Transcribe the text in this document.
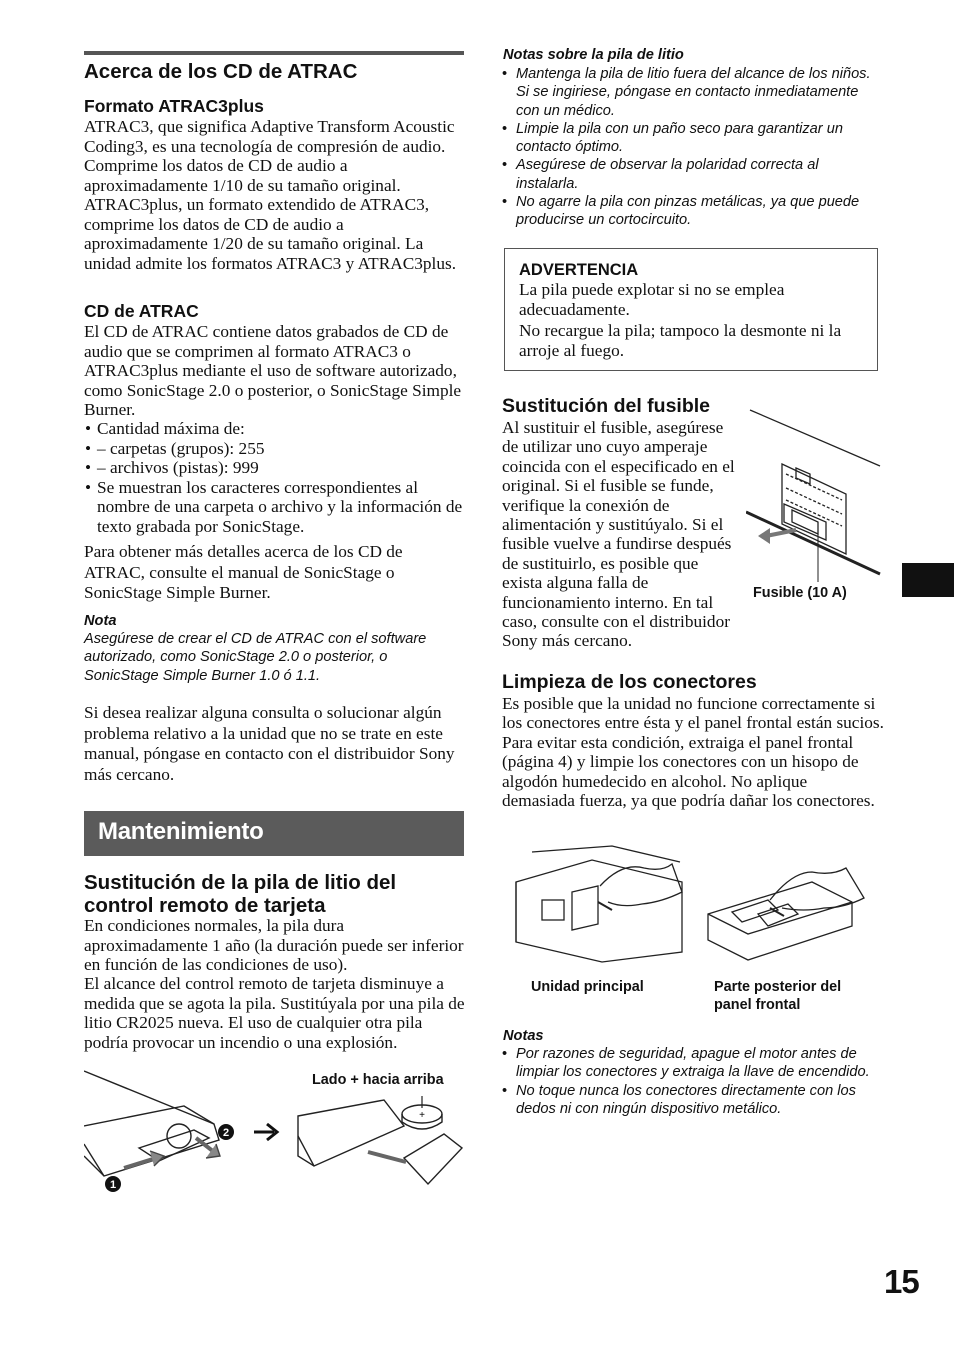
Acerca de los CD de ATRAC
Formato ATRAC3plus

ATRAC3, que significa Adaptive Transform Acoustic Coding3, es una tecnología de compresión de audio. Comprime los datos de CD de audio a aproximadamente 1/10 de su tamaño original. ATRAC3plus, un formato extendido de ATRAC3, comprime los datos de CD de audio a aproximadamente 1/20 de su tamaño original. La unidad admite los formatos ATRAC3 y ATRAC3plus.

CD de ATRAC

El CD de ATRAC contiene datos grabados de CD de audio que se comprimen al formato ATRAC3 o ATRAC3plus mediante el uso de software autorizado, como SonicStage 2.0 o posterior, o SonicStage Simple Burner.

• Cantidad máxima de:
• – carpetas (grupos): 255
• – archivos (pistas): 999
• Se muestran los caracteres correspondientes al nombre de una carpeta o archivo y la información de texto grabada por SonicStage.

Para obtener más detalles acerca de los CD de ATRAC, consulte el manual de SonicStage o SonicStage Simple Burner.

Nota

Asegúrese de crear el CD de ATRAC con el software autorizado, como SonicStage 2.0 o posterior, o SonicStage Simple Burner 1.0 ó 1.1.

Si desea realizar alguna consulta o solucionar algún problema relativo a la unidad que no se trate en este manual, póngase en contacto con el distribuidor Sony más cercano.

Mantenimiento
Sustitución de la pila de litio del control remoto de tarjeta

En condiciones normales, la pila dura aproximadamente 1 año (la duración puede ser inferior en función de las condiciones de uso).

El alcance del control remoto de tarjeta disminuye a medida que se agota la pila. Sustitúyala por una pila de litio CR2025 nueva. El uso de cualquier otra pila podría provocar un incendio o una explosión.

Lado + hacia arriba
1
2
+
Notas sobre la pila de litio
• Mantenga la pila de litio fuera del alcance de los niños. Si se ingiriese, póngase en contacto inmediatamente con un médico.
• Limpie la pila con un paño seco para garantizar un contacto óptimo.
• Asegúrese de observar la polaridad correcta al instalarla.
• No agarre la pila con pinzas metálicas, ya que puede producirse un cortocircuito.
ADVERTENCIA

La pila puede explotar si no se emplea adecuadamente.

No recargue la pila; tampoco la desmonte ni la arroje al fuego.

Sustitución del fusible

Al sustituir el fusible, asegúrese de utilizar uno cuyo amperaje coincida con el especificado en el original. Si el fusible se funde, verifique la conexión de alimentación y sustitúyalo. Si el fusible vuelve a fundirse después de sustituirlo, es posible que exista alguna falla de funcionamiento interno. En tal caso, consulte con el distribuidor Sony más cercano.

Fusible (10 A)
Limpieza de los conectores

Es posible que la unidad no funcione correctamente si los conectores entre ésta y el panel frontal están sucios. Para evitar esta condición, extraiga el panel frontal (página 4) y limpie los conectores con un hisopo de algodón humedecido en alcohol. No aplique demasiada fuerza, ya que podría dañar los conectores.

Unidad principal	Parte posterior del panel frontal
Notas
• Por razones de seguridad, apague el motor antes de limpiar los conectores y extraiga la llave de encendido.
• No toque nunca los conectores directamente con los dedos ni con ningún dispositivo metálico.
15
